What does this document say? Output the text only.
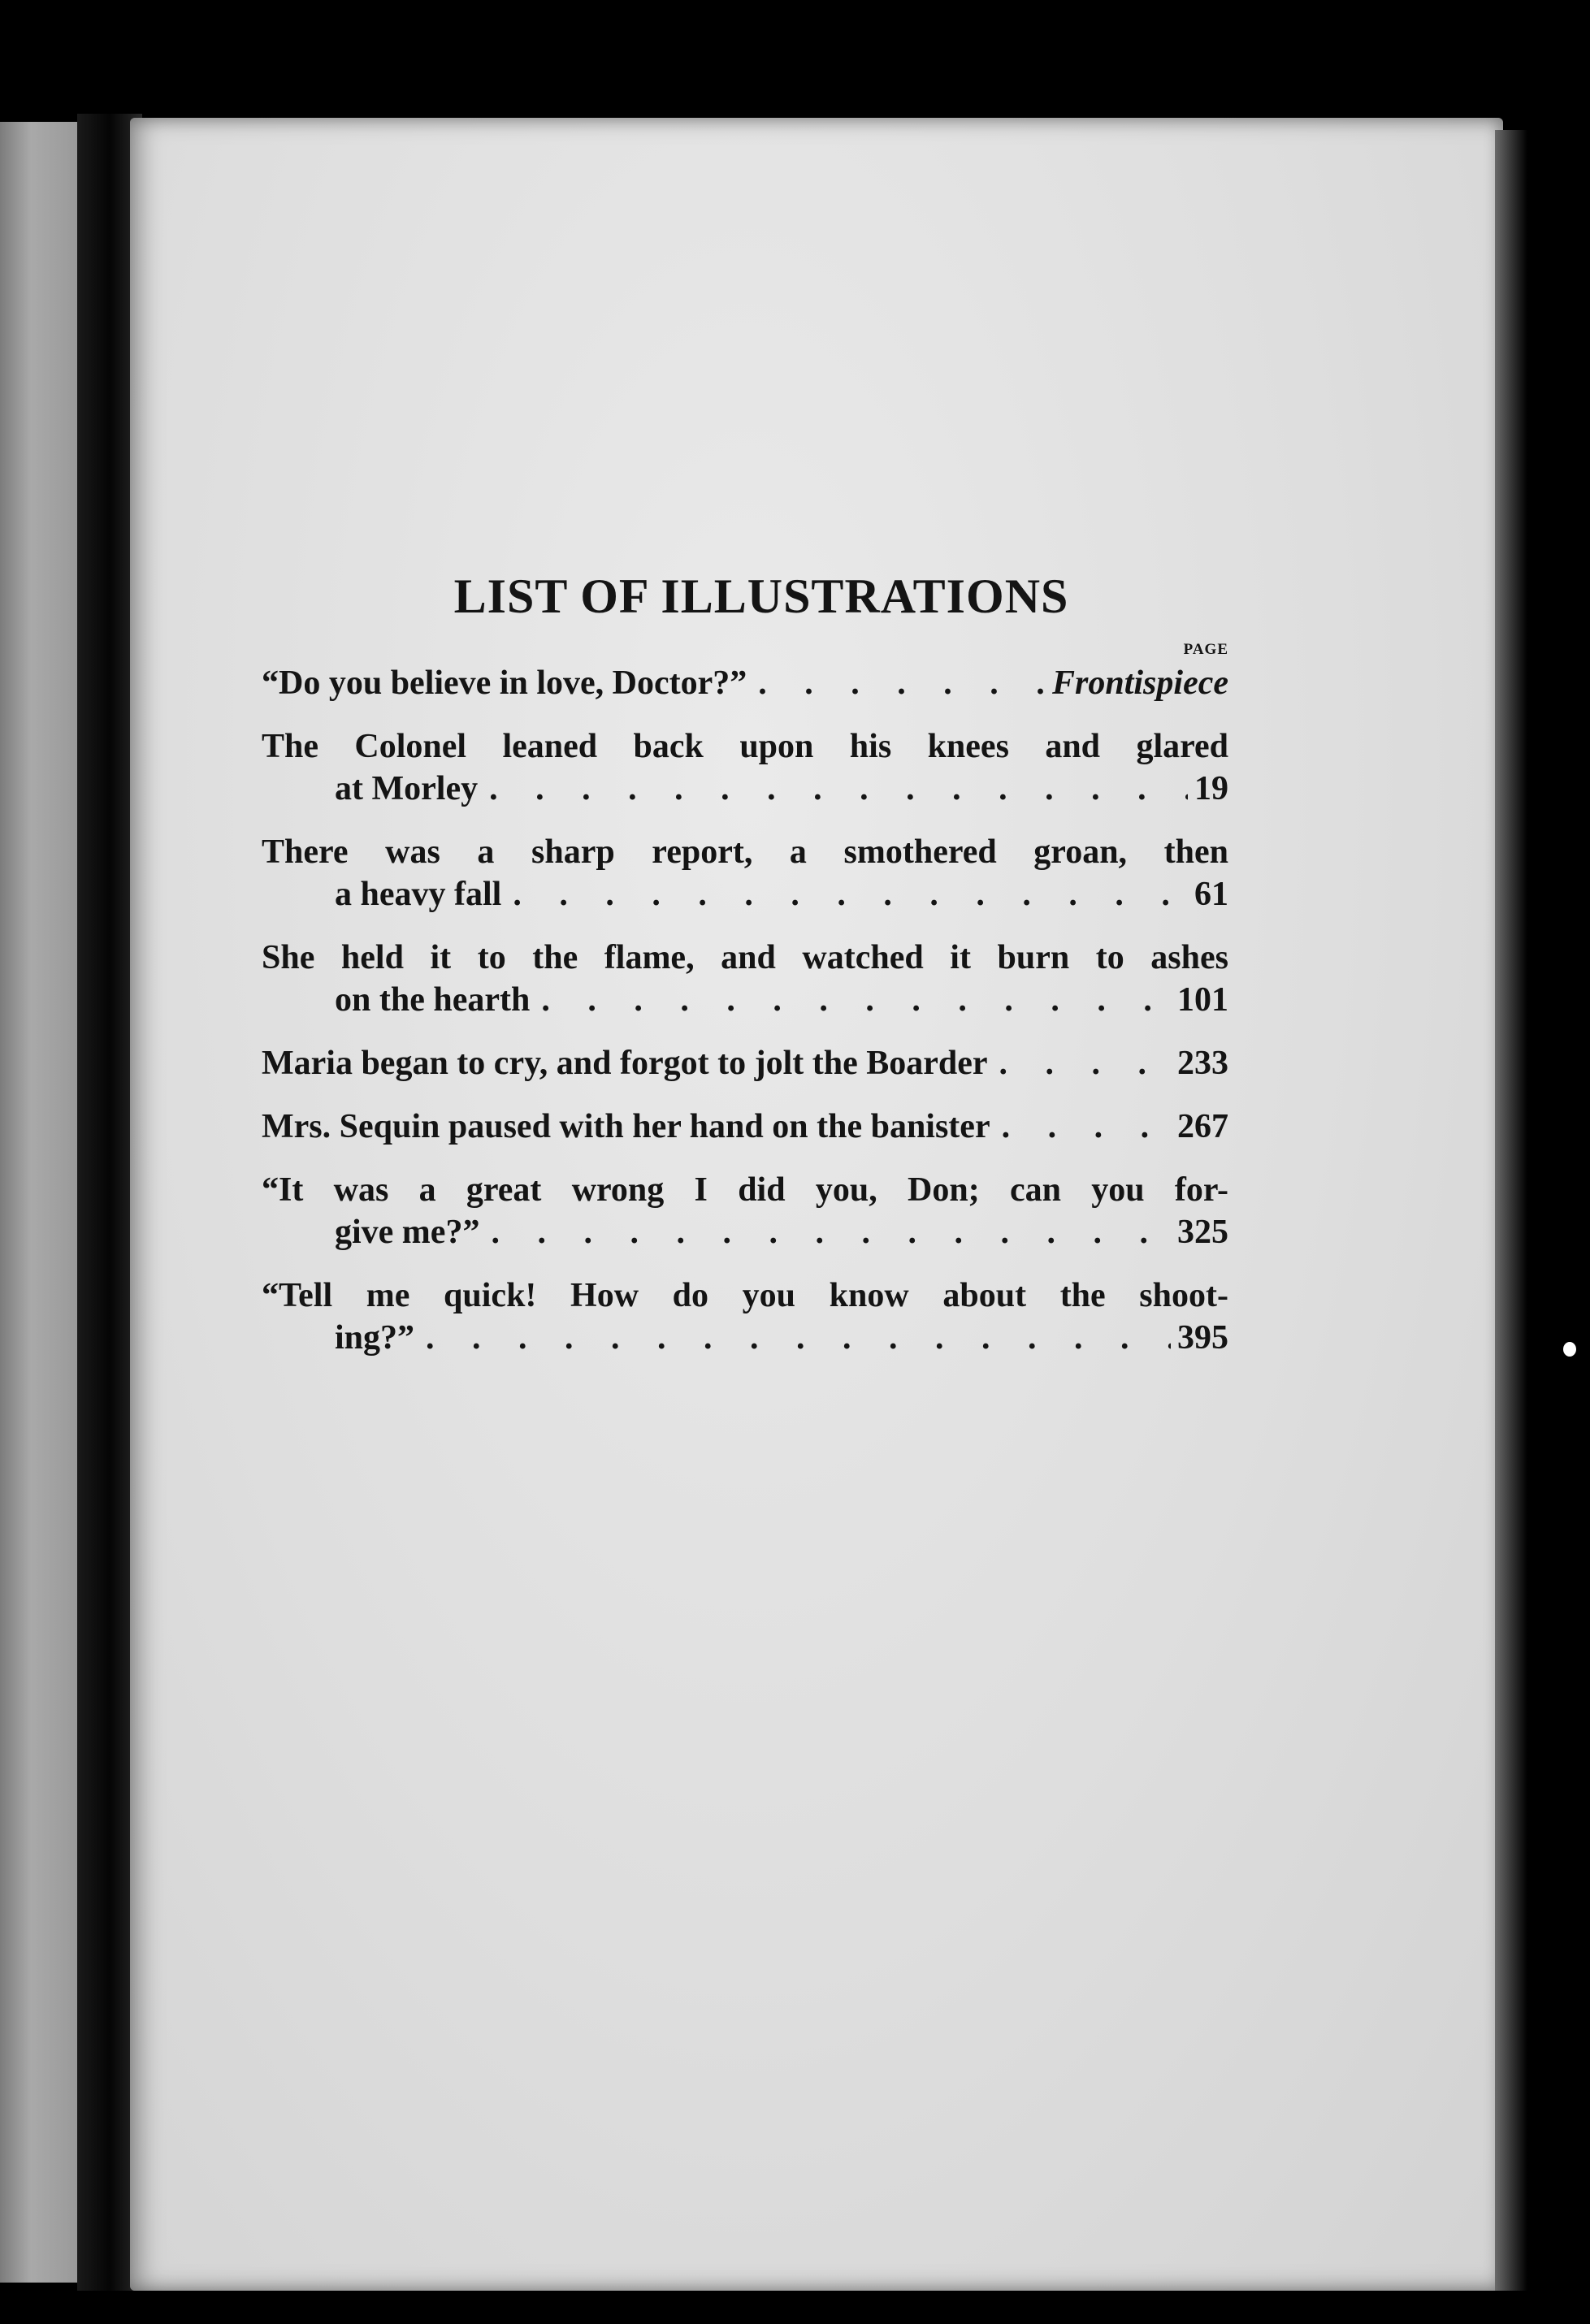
LIST OF ILLUSTRATIONS
PAGE
“Do you believe in love, Doctor?” . . .	Frontispiece
The Colonel leaned back upon his knees and glared
at Morley . . .	19
There was a sharp report, a smothered groan, then
a heavy fall . . .	61
She held it to the flame, and watched it burn to ashes
on the hearth . . .	101
Maria began to cry, and forgot to jolt the Boarder . . .	233
Mrs. Sequin paused with her hand on the banister . . .	267
“It was a great wrong I did you, Don; can you for-
give me?” . . .	325
“Tell me quick! How do you know about the shoot-
ing?” . . .	395
